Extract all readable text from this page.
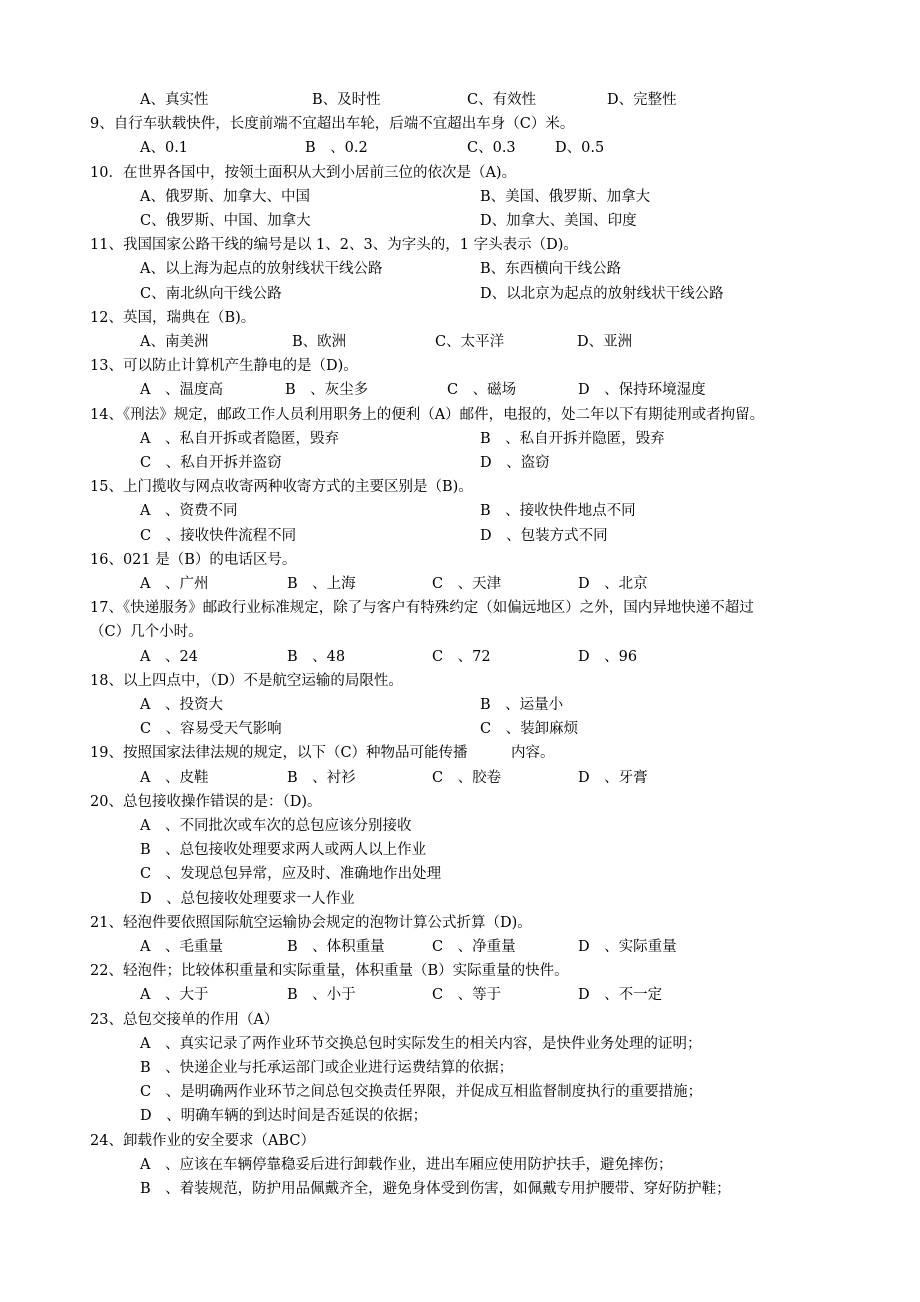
A、真实性	B、及时性	C、有效性	D、完整性
9、自行车驮载快件，长度前端不宜超出车轮，后端不宜超出车身（C）米。
A、0.1	B　、0.2	C、0.3	D、0.5
10．在世界各国中，按领土面积从大到小居前三位的依次是（A)。
A、俄罗斯、加拿大、中国	B、美国、俄罗斯、加拿大
C、俄罗斯、中国、加拿大	D、加拿大、美国、印度
11、我国国家公路干线的编号是以 1、2、3、为字头的，1 字头表示（D)。
A、以上海为起点的放射线状干线公路	B、东西横向干线公路
C、南北纵向干线公路	D、以北京为起点的放射线状干线公路
12、英国，瑞典在（B)。
A、南美洲	B、欧洲	C、太平洋	D、亚洲
13、可以防止计算机产生静电的是（D)。
A　、温度高	B　、灰尘多	C　、磁场	D　、保持环境湿度
14、《刑法》规定，邮政工作人员利用职务上的便利（A）邮件，电报的，处二年以下有期徒刑或者拘留。
A　、私自开拆或者隐匿，毁弃	B　、私自开拆并隐匿，毁弃
C　、私自开拆并盗窃	D　、盗窃
15、上门揽收与网点收寄两种收寄方式的主要区别是（B)。
A　、资费不同	B　、接收快件地点不同
C　、接收快件流程不同	D　、包装方式不同
16、021 是（B）的电话区号。
A　、广州	B　、上海	C　、天津	D　、北京
17、《快递服务》邮政行业标准规定，除了与客户有特殊约定（如偏远地区）之外，国内异地快递不超过
（C）几个小时。
A　、24	B　、48	C　、72	D　、96
18、以上四点中，（D）不是航空运输的局限性。
A　、投资大	B　、运量小
C　、容易受天气影响	C　、装卸麻烦
19、按照国家法律法规的规定，以下（C）种物品可能传播　　　内容。
A　、皮鞋	B　、衬衫	C　、胶卷	D　、牙膏
20、总包接收操作错误的是：（D)。
A　、不同批次或车次的总包应该分别接收
B　、总包接收处理要求两人或两人以上作业
C　、发现总包异常，应及时、准确地作出处理
D　、总包接收处理要求一人作业
21、轻泡件要依照国际航空运输协会规定的泡物计算公式折算（D)。
A　、毛重量	B　、体积重量	C　、净重量	D　、实际重量
22、轻泡件；比较体积重量和实际重量，体积重量（B）实际重量的快件。
A　、大于	B　、小于	C　、等于	D　、不一定
23、总包交接单的作用（A）
A　、真实记录了两作业环节交换总包时实际发生的相关内容，是快件业务处理的证明；
B　、快递企业与托承运部门或企业进行运费结算的依据；
C　、是明确两作业环节之间总包交换责任界限，并促成互相监督制度执行的重要措施；
D　、明确车辆的到达时间是否延误的依据；
24、卸载作业的安全要求（ABC）
A　、应该在车辆停靠稳妥后进行卸载作业，进出车厢应使用防护扶手，避免摔伤；
B　、着装规范，防护用品佩戴齐全，避免身体受到伤害，如佩戴专用护腰带、穿好防护鞋；
